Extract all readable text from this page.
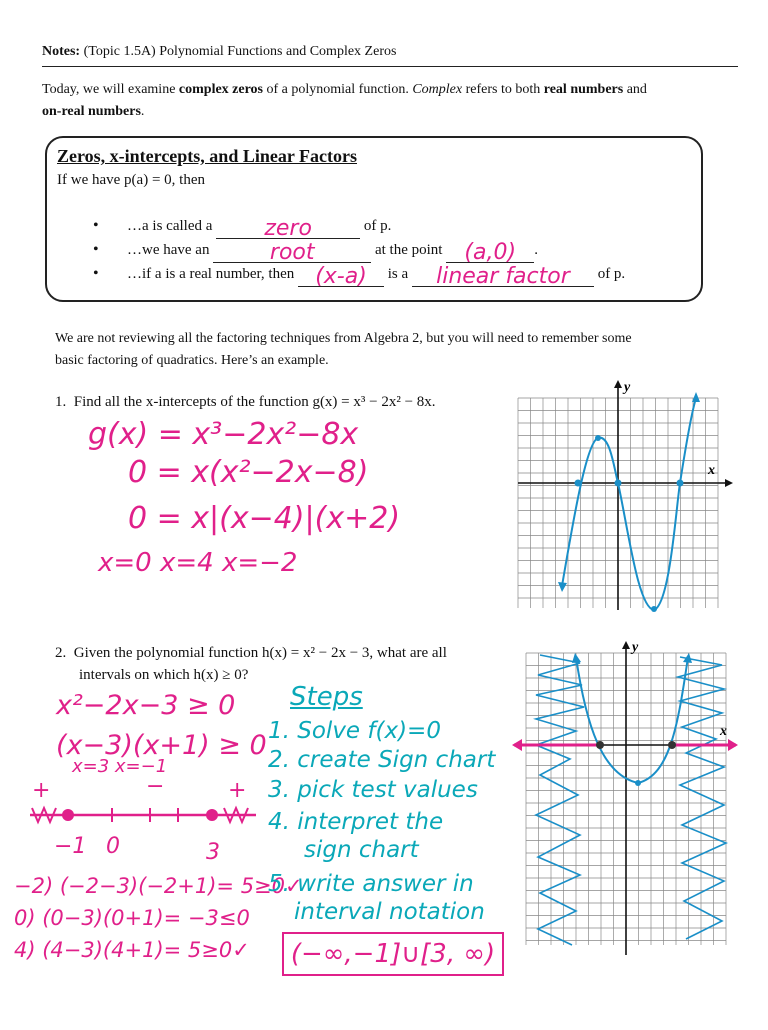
Notes: (Topic 1.5A) Polynomial Functions and Complex Zeros
Today, we will examine complex zeros of a polynomial function. Complex refers to both real numbers and
on-real numbers.
Zeros, x-intercepts, and Linear Factors
If we have p(a) = 0, then
• …a is called a	zero	of p.
• …we have an	root	at the point (a,0)	.
• …if a is a real number, then (x-a)	is a	linear factor	of p.
We are not reviewing all the factoring techniques from Algebra 2, but you will need to remember some
basic factoring of quadratics. Here’s an example.
1. Find all the x-intercepts of the function g(x) = x³ − 2x² − 8x.
g(x) = x³−2x²−8x
0 = x(x²−2x−8)
0 = x|(x−4)|(x+2)
x=0 x=4 x=−2
x
y
2. Given the polynomial function h(x) = x² − 2x − 3, what are all
intervals on which h(x) ≥ 0?
x²−2x−3 ≥ 0
(x−3)(x+1) ≥ 0
x=3 x=−1
+	−	+
−1 0	3
−2) (−2−3)(−2+1)= 5≥0✓
0) (0−3)(0+1)= −3≤0
4) (4−3)(4+1)= 5≥0✓
Steps
1. Solve f(x)=0
2. create Sign chart
3. pick test values
4. interpret the
sign chart
5. write answer in
interval notation
(−∞,−1]∪[3, ∞)
x
y
